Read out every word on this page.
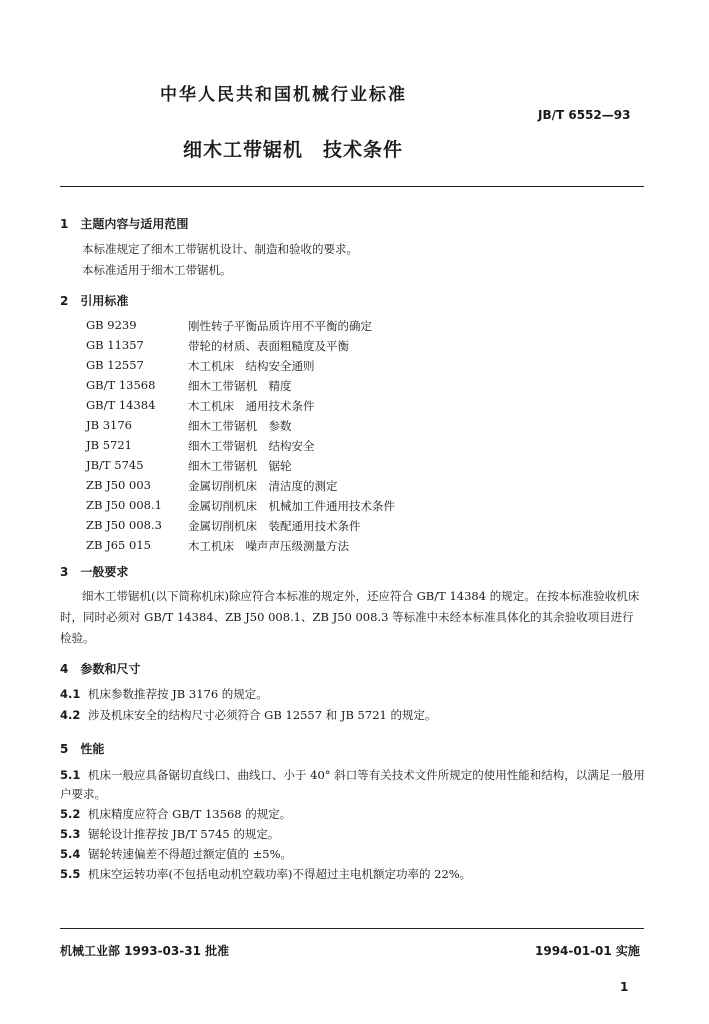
中华人民共和国机械行业标准
JB/T 6552—93
细木工带锯机　技术条件
1　主题内容与适用范围
本标准规定了细木工带锯机设计、制造和验收的要求。
本标准适用于细木工带锯机。
2　引用标准
GB 9239	刚性转子平衡品质许用不平衡的确定
GB 11357	带轮的材质、表面粗糙度及平衡
GB 12557	木工机床　结构安全通则
GB/T 13568	细木工带锯机　精度
GB/T 14384	木工机床　通用技术条件
JB 3176	细木工带锯机　参数
JB 5721	细木工带锯机　结构安全
JB/T 5745	细木工带锯机　锯轮
ZB J50 003	金属切削机床　清洁度的测定
ZB J50 008.1 金属切削机床　机械加工件通用技术条件
ZB J50 008.3 金属切削机床　装配通用技术条件
ZB J65 015	木工机床　噪声声压级测量方法
3　一般要求
细木工带锯机(以下简称机床)除应符合本标准的规定外，还应符合 GB/T 14384 的规定。在按本标准验收机床时，同时必须对 GB/T 14384、ZB J50 008.1、ZB J50 008.3 等标准中未经本标准具体化的其余验收项目进行检验。
4　参数和尺寸
4.1 机床参数推荐按 JB 3176 的规定。
4.2 涉及机床安全的结构尺寸必须符合 GB 12557 和 JB 5721 的规定。
5　性能
5.1 机床一般应具备锯切直线口、曲线口、小于 40° 斜口等有关技术文件所规定的使用性能和结构，以满足一般用户要求。
5.2 机床精度应符合 GB/T 13568 的规定。
5.3 锯轮设计推荐按 JB/T 5745 的规定。
5.4 锯轮转速偏差不得超过额定值的 ±5%。
5.5 机床空运转功率(不包括电动机空载功率)不得超过主电机额定功率的 22%。
机械工业部 1993-03-31 批准	1994-01-01 实施
1
